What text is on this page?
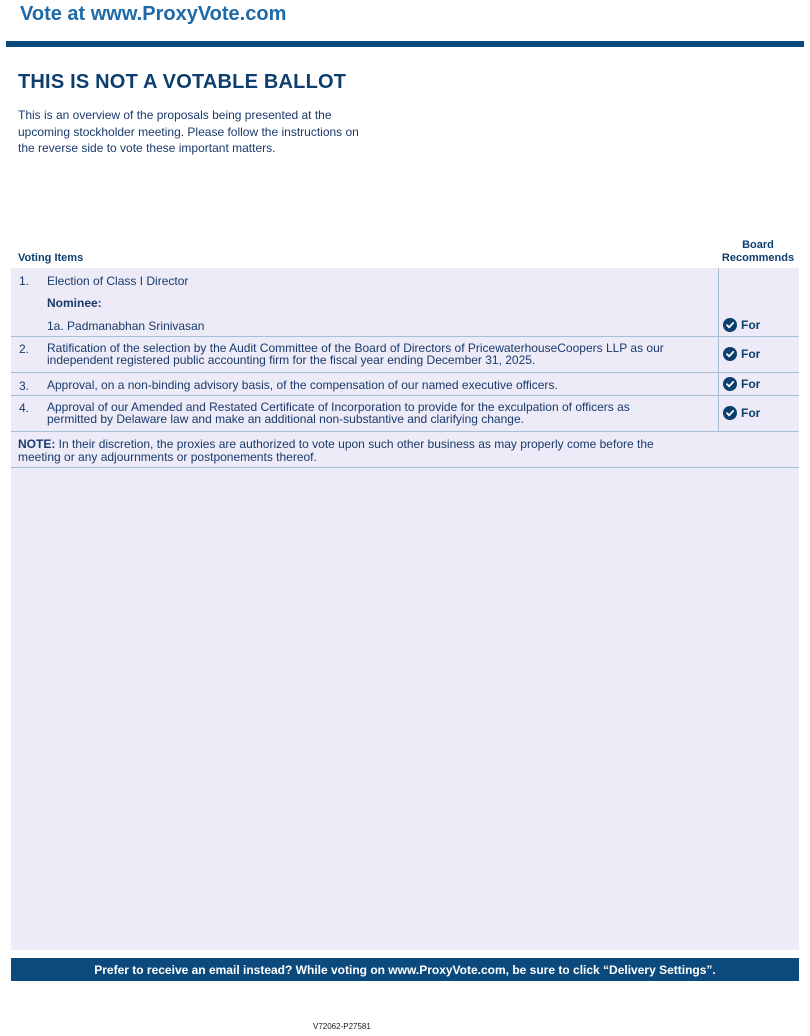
Vote at www.ProxyVote.com
THIS IS NOT A VOTABLE BALLOT
This is an overview of the proposals being presented at the
upcoming stockholder meeting. Please follow the instructions on
the reverse side to vote these important matters.
Voting Items
Board
Recommends
1. Election of Class I Director
Nominee:
1a. Padmanabhan Srinivasan	For
2. Ratification of the selection by the Audit Committee of the Board of Directors of PricewaterhouseCoopers LLP as our
independent registered public accounting firm for the fiscal year ending December 31, 2025.	For
3. Approval, on a non-binding advisory basis, of the compensation of our named executive officers.	For
4. Approval of our Amended and Restated Certificate of Incorporation to provide for the exculpation of officers as
permitted by Delaware law and make an additional non-substantive and clarifying change.	For
NOTE: In their discretion, the proxies are authorized to vote upon such other business as may properly come before the
meeting or any adjournments or postponements thereof.
Prefer to receive an email instead? While voting on www.ProxyVote.com, be sure to click “Delivery Settings”.
V72062-P27581
